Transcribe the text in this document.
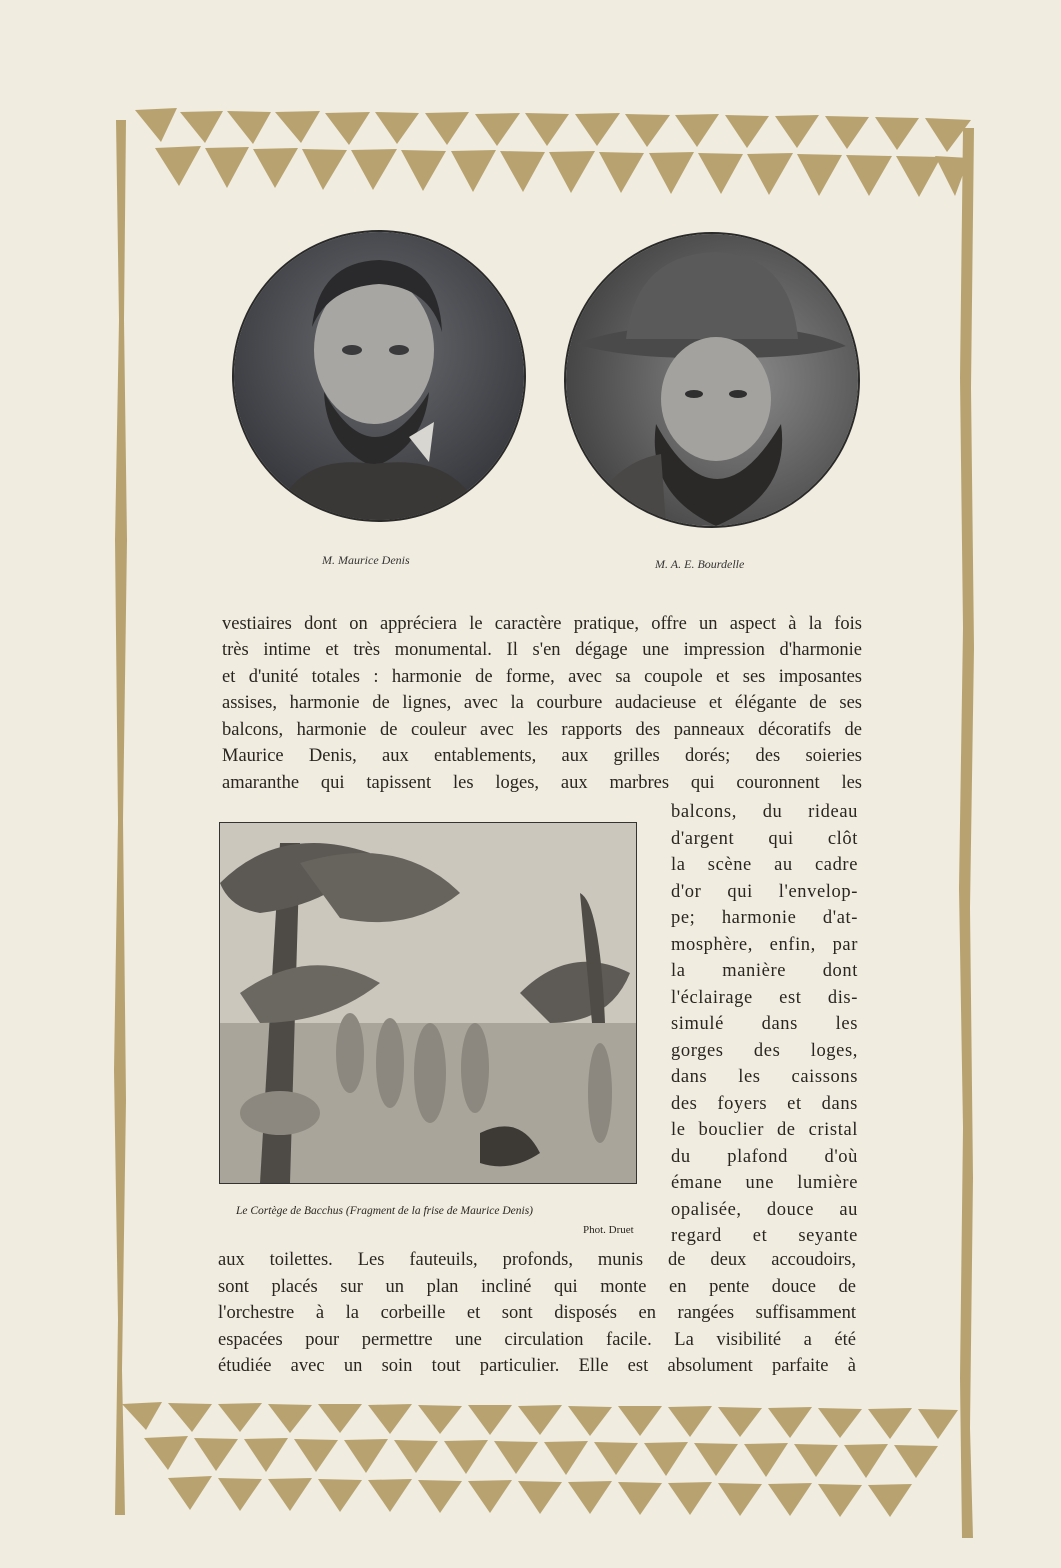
M. Maurice Denis	M. A. E. Bourdelle
vestiaires dont on appréciera le caractère pratique, offre un aspect à la fois
très intime et très monumental. Il s'en dégage une impression d'harmonie
et d'unité totales : harmonie de forme, avec sa coupole et ses imposantes
assises, harmonie de lignes, avec la courbure audacieuse et élégante de ses
balcons, harmonie de couleur avec les rapports des panneaux décoratifs de
Maurice Denis, aux entablements, aux grilles dorés; des soieries
amaranthe qui tapissent les loges, aux marbres qui couronnent les
Le Cortège de Bacchus (Fragment de la frise de Maurice Denis)
Phot. Druet
balcons, du rideau
d'argent qui clôt
la scène au cadre
d'or qui l'envelop-
pe; harmonie d'at-
mosphère, enfin, par
la manière dont
l'éclairage est dis-
simulé dans les
gorges des loges,
dans les caissons
des foyers et dans
le bouclier de cristal
du plafond d'où
émane une lumière
opalisée, douce au
regard et seyante
aux toilettes. Les fauteuils, profonds, munis de deux accoudoirs,
sont placés sur un plan incliné qui monte en pente douce de
l'orchestre à la corbeille et sont disposés en rangées suffisamment
espacées pour permettre une circulation facile. La visibilité a été
étudiée avec un soin tout particulier. Elle est absolument parfaite à
